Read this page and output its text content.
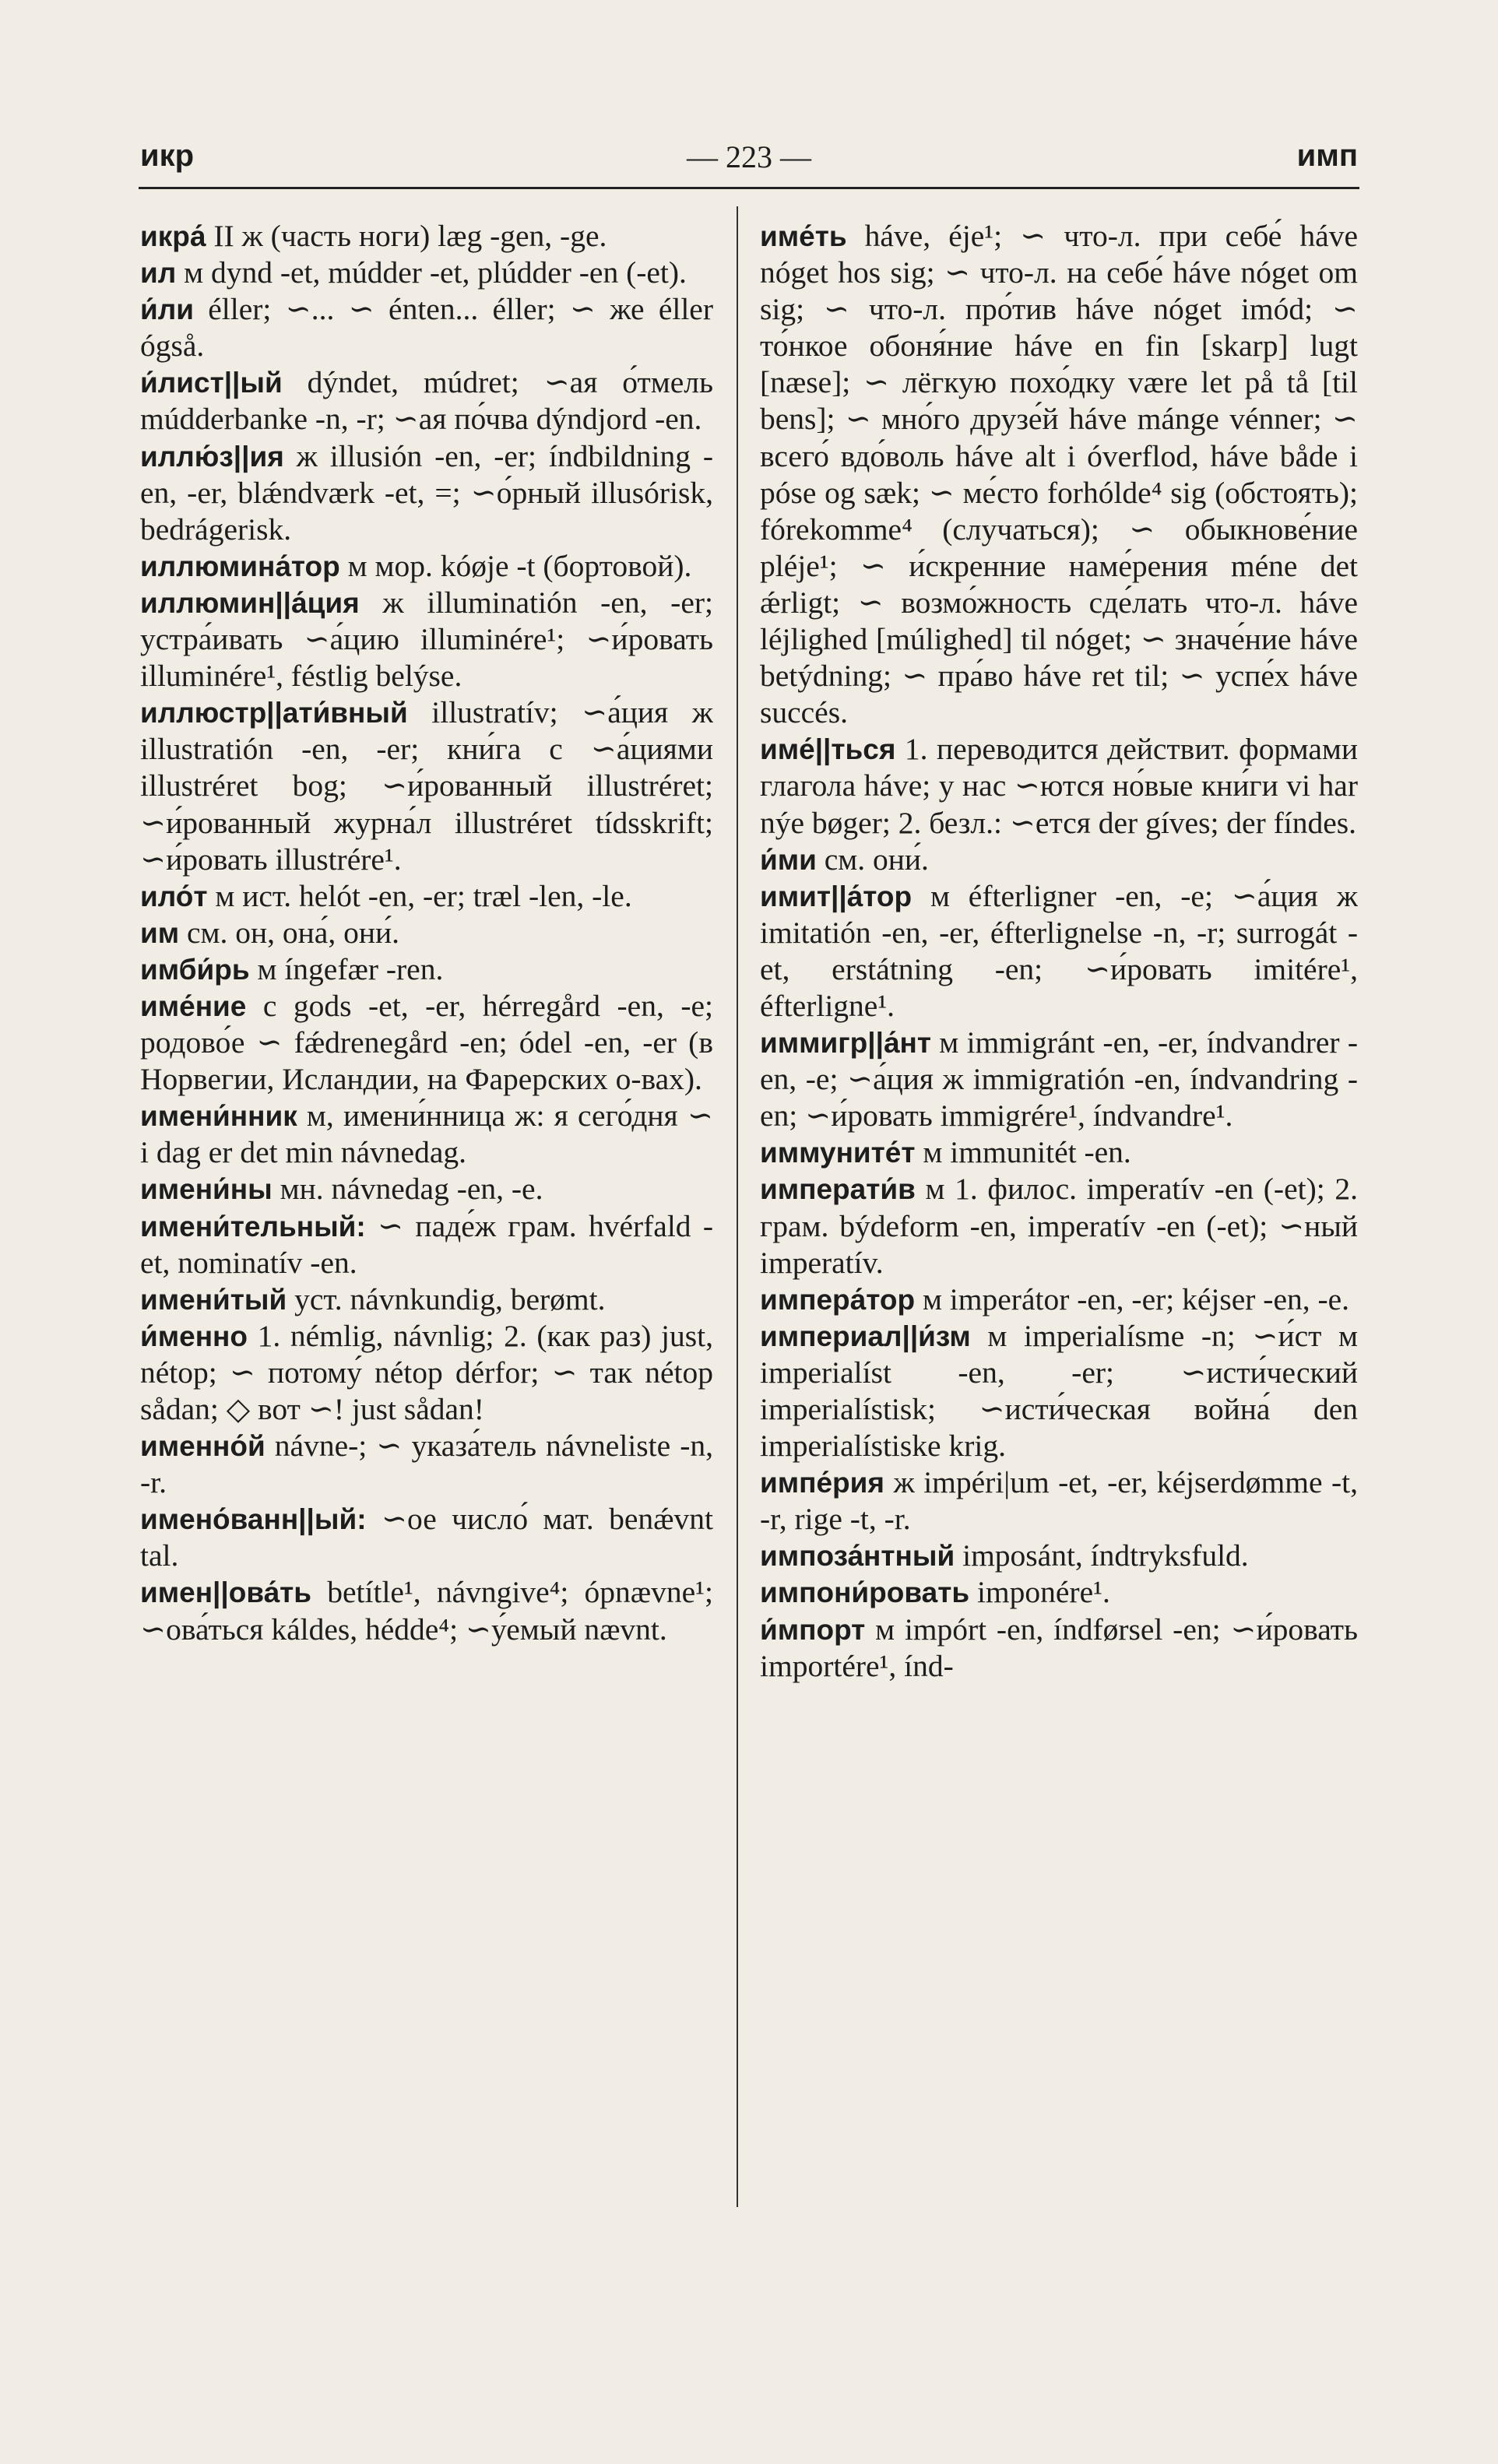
икр	— 223 —	имп

икра́ II ж (часть ноги) læg -gen, -ge.

ил м dynd -et, múdder -et, plúdder -en (-et).

и́ли éller; ∽... ∽ énten... éller; ∽ же éller ógså.

и́лист||ый dýndet, múdret; ∽ая о́тмель múdderbanke -n, -r; ∽ая по́чва dýndjord -en.

иллю́з||ия ж illusión -en, -er; índbildning -en, -er, blǽndværk -et, =; ∽о́рный illusórisk, bedrágerisk.

иллюмина́тор м мор. kóøje -t (бортовой).

иллюмин||а́ция ж illuminatión -en, -er; устра́ивать ∽а́цию illuminére¹; ∽и́ровать illuminére¹, féstlig belýse.

иллюстр||ати́вный illustratív; ∽а́ция ж illustratión -en, -er; кни́га с ∽а́циями illustréret bog; ∽и́рованный illustréret; ∽и́рованный журна́л illustréret tídsskrift; ∽и́ровать illustrére¹.

ило́т м ист. helót -en, -er; træl -len, -le.

им см. он, она́, они́.

имби́рь м íngefær -ren.

име́ние с gods -et, -er, hérregård -en, -e; родово́е ∽ fǽdrenegård -en; ódel -en, -er (в Норвегии, Исландии, на Фарерских о-вах).

имени́нник м, имени́нница ж: я сего́дня ∽ i dag er det min návnedag.

имени́ны мн. návnedag -en, -e.

имени́тельный: ∽ паде́ж грам. hvérfald -et, nominatív -en.

имени́тый уст. návnkundig, berømt.

и́менно 1. némlig, návnlig; 2. (как раз) just, nétop; ∽ потому́ nétop dérfor; ∽ так nétop sådan; ◇ вот ∽! just sådan!

именно́й návne-; ∽ указа́тель návneliste -n, -r.

имено́ванн||ый: ∽ое число́ мат. benǽvnt tal.

имен||ова́ть betítle¹, návngive⁴; ópnævne¹; ∽ова́ться káldes, hédde⁴; ∽у́емый nævnt.

име́ть háve, éje¹; ∽ что-л. при себе́ háve nóget hos sig; ∽ что-л. на себе́ háve nóget om sig; ∽ что-л. про́тив háve nóget imód; ∽ то́нкое обоня́ние háve en fin [skarp] lugt [næse]; ∽ лёгкую похо́дку være let på tå [til bens]; ∽ мно́го друзе́й háve mánge vénner; ∽ всего́ вдо́воль háve alt i óverflod, háve både i póse og sæk; ∽ ме́сто forhólde⁴ sig (обстоять); fórekomme⁴ (случаться); ∽ обыкнове́ние pléje¹; ∽ и́скренние наме́рения méne det ǽrligt; ∽ возмо́жность сде́лать что-л. háve léjlighed [múlighed] til nóget; ∽ значе́ние háve betýdning; ∽ пра́во háve ret til; ∽ успе́х háve succés.

име́||ться 1. переводится действит. формами глагола háve; у нас ∽ются но́вые кни́ги vi har nýe bøger; 2. безл.: ∽ется der gíves; der fíndes.

и́ми см. они́.

имит||а́тор м éfterligner -en, -e; ∽а́ция ж imitatión -en, -er, éfterlignelse -n, -r; surrogát -et, erstátning -en; ∽и́ровать imitére¹, éfterligne¹.

иммигр||а́нт м immigránt -en, -er, índvandrer -en, -e; ∽а́ция ж immigratión -en, índvandring -en; ∽и́ровать immigrére¹, índvandre¹.

иммуните́т м immunitét -en.

императи́в м 1. филос. imperatív -en (-et); 2. грам. býdeform -en, imperatív -en (-et); ∽ный imperatív.

импера́тор м imperátor -en, -er; kéjser -en, -e.

империал||и́зм м imperialísme -n; ∽и́ст м imperialíst -en, -er; ∽исти́ческий imperialístisk; ∽исти́ческая война́ den imperialístiske krig.

импе́рия ж impéri|um -et, -er, kéjserdømme -t, -r, rige -t, -r.

импоза́нтный imposánt, índtryksfuld.

импони́ровать imponére¹.

и́мпорт м impórt -en, índførsel -en; ∽и́ровать importére¹, índ-
